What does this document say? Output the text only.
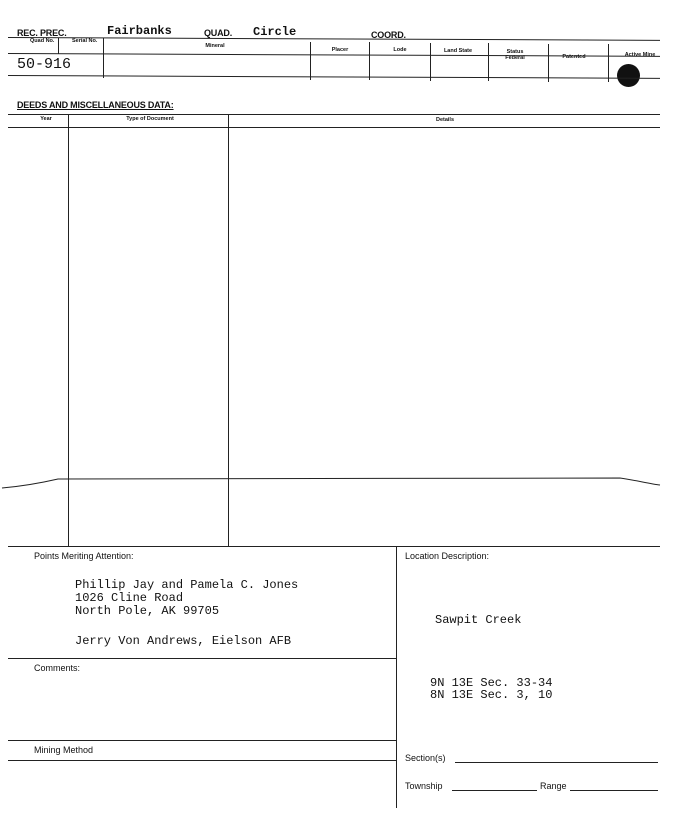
REC. PREC.	Fairbanks	QUAD. Circle	COORD.
Quad No.	Serial No.
Mineral
Placer	Lode	Land State	Status Federal	Patented	Active Mine
50-916
DEEDS AND MISCELLANEOUS DATA:
Year	Type of Document	Details
Points Meriting Attention:
Phillip Jay and Pamela C. Jones
1026 Cline Road
North Pole, AK 99705
Jerry Von Andrews, Eielson AFB
Location Description:
Sawpit Creek
9N 13E Sec. 33-34
8N 13E Sec. 3, 10
Comments:
Mining Method
Section(s)
Township	Range
